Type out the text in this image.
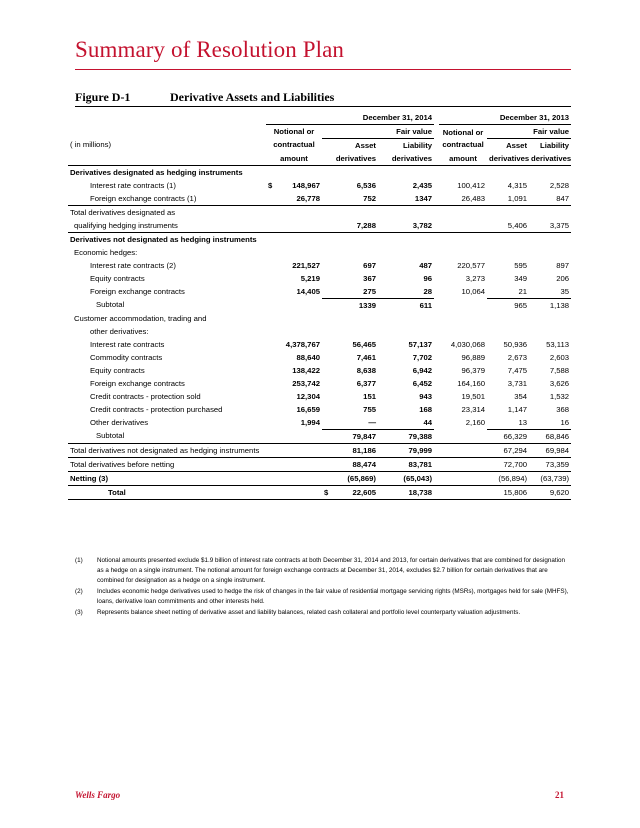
Summary of Resolution Plan
Figure D-1	Derivative Assets and Liabilities
	December 31, 2014				December 31, 2013		
	Notional or	Fair value			Notional or	Fair value	
( in millions)	contractual	Asset	Liability		contractual	Asset	Liability
	amount	derivatives	derivatives		amount	derivatives	derivatives
Derivatives designated as hedging instruments							
Interest rate contracts (1)	$ 148,967	6,536	2,435		100,412	4,315	2,528
Foreign exchange contracts (1)	26,778	752	1347		26,483	1,091	847
Total derivatives designated as							
qualifying hedging instruments		7,288	3,782			5,406	3,375
Derivatives not designated as hedging instruments							
Economic hedges:							
Interest rate contracts (2)	221,527	697	487		220,577	595	897
Equity contracts	5,219	367	96		3,273	349	206
Foreign exchange contracts	14,405	275	28		10,064	21	35
Subtotal		1339	611			965	1,138
Customer accommodation, trading and							
other derivatives:							
Interest rate contracts	4,378,767	56,465	57,137		4,030,068	50,936	53,113
Commodity contracts	88,640	7,461	7,702		96,889	2,673	2,603
Equity contracts	138,422	8,638	6,942		96,379	7,475	7,588
Foreign exchange contracts	253,742	6,377	6,452		164,160	3,731	3,626
Credit contracts - protection sold	12,304	151	943		19,501	354	1,532
Credit contracts - protection purchased	16,659	755	168		23,314	1,147	368
Other derivatives	1,994	—	44		2,160	13	16
Subtotal		79,847	79,388			66,329	68,846
Total derivatives not designated as hedging instruments		81,186	79,999			67,294	69,984
Total derivatives before netting		88,474	83,781			72,700	73,359
Netting (3)		(65,869)	(65,043)			(56,894)	(63,739)
Total		$ 22,605	18,738			15,806	9,620
(1)	Notional amounts presented exclude $1.9 billion of interest rate contracts at both December 31, 2014 and 2013, for certain derivatives that are combined for designation as a hedge on a single instrument. The notional amount for foreign exchange contracts at December 31, 2014, excludes $2.7 billion for certain derivatives that are combined for designation as a hedge on a single instrument.
(2)	Includes economic hedge derivatives used to hedge the risk of changes in the fair value of residential mortgage servicing rights (MSRs), mortgages held for sale (MHFS), loans, derivative loan commitments and other interests held.
(3)	Represents balance sheet netting of derivative asset and liability balances, related cash collateral and portfolio level counterparty valuation adjustments.
Wells Fargo	21
